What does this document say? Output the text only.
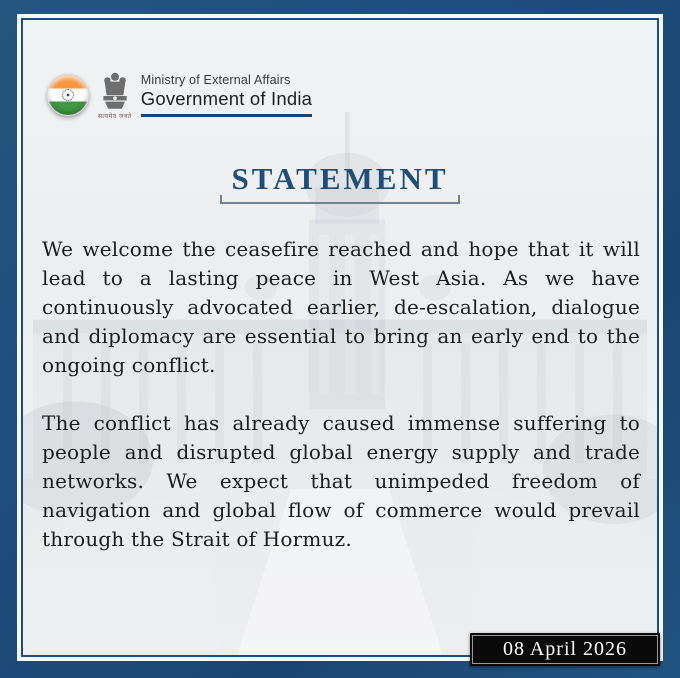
सत्यमेव जयते
Ministry of External Affairs
Government of India
STATEMENT

We welcome the ceasefire reached and hope that it will lead to a lasting peace in West Asia. As we have continuously advocated earlier, de-escalation, dialogue and diplomacy are essential to bring an early end to the ongoing conflict.

The conflict has already caused immense suffering to people and disrupted global energy supply and trade networks. We expect that unimpeded freedom of navigation and global flow of commerce would prevail through the Strait of Hormuz.

08 April 2026
